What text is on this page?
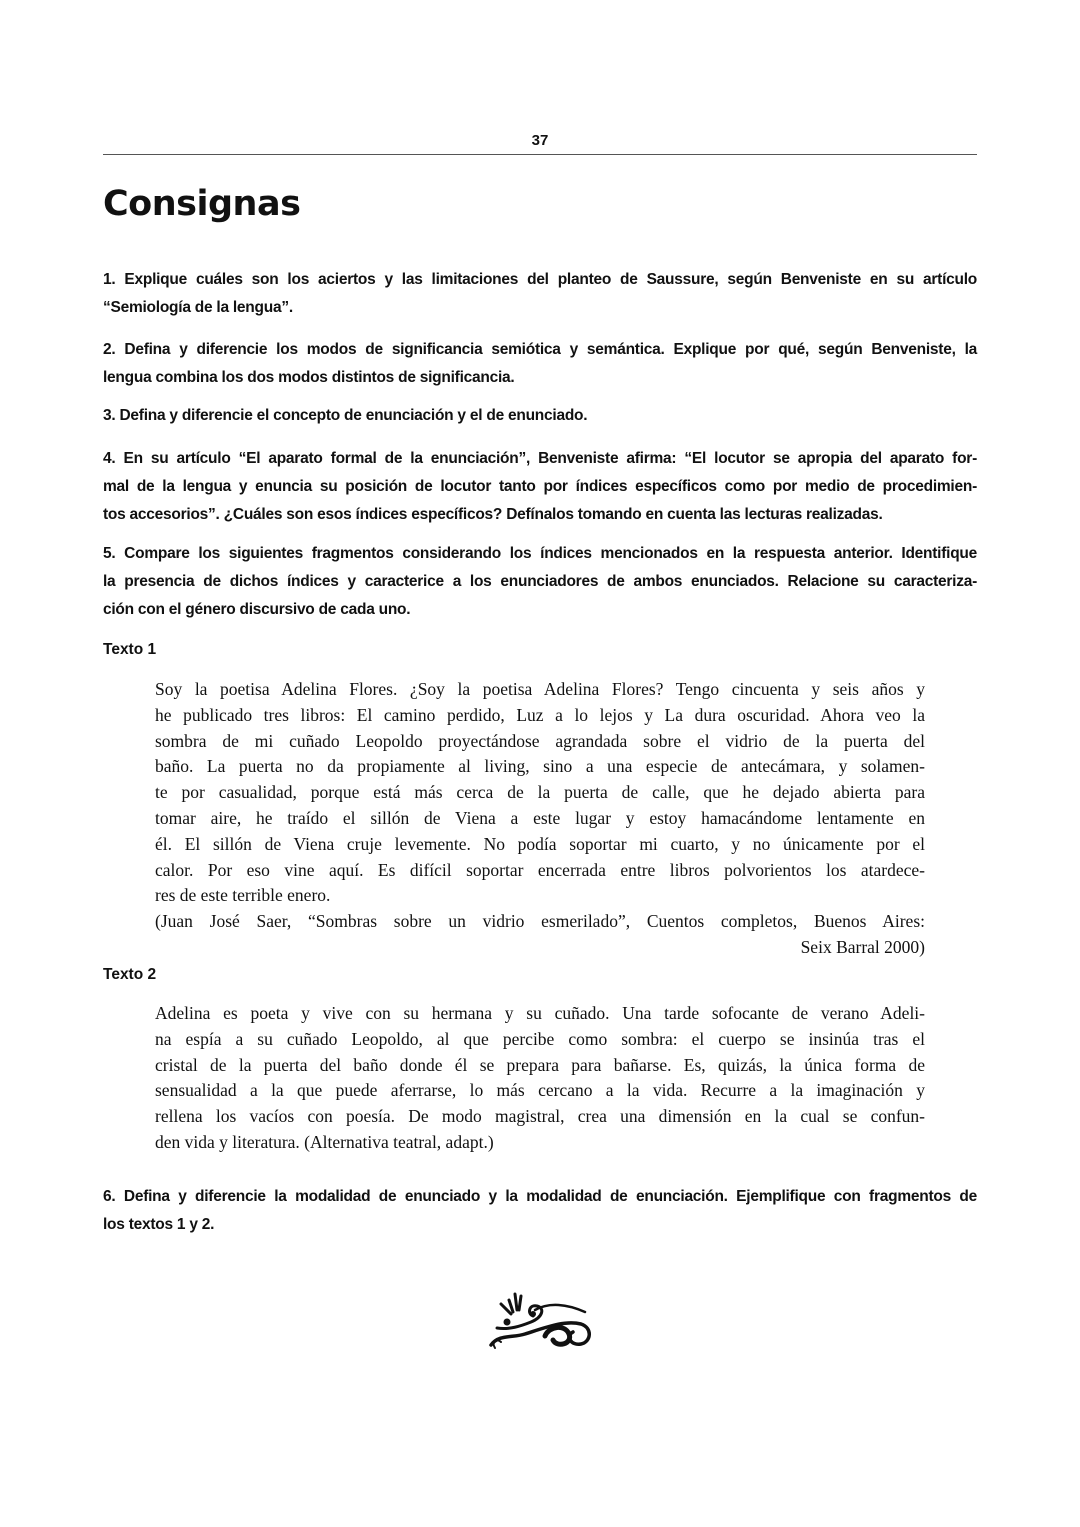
37
Consignas
1. Explique cuáles son los aciertos y las limitaciones del planteo de Saussure, según Benveniste en su artículo
“Semiología de la lengua”.
2. Defina y diferencie los modos de significancia semiótica y semántica. Explique por qué, según Benveniste, la
lengua combina los dos modos distintos de significancia.
3. Defina y diferencie el concepto de enunciación y el de enunciado.
4. En su artículo “El aparato formal de la enunciación”, Benveniste afirma: “El locutor se apropia del aparato for-
mal de la lengua y enuncia su posición de locutor tanto por índices específicos como por medio de procedimien-
tos accesorios”. ¿Cuáles son esos índices específicos? Defínalos tomando en cuenta las lecturas realizadas.
5. Compare los siguientes fragmentos considerando los índices mencionados en la respuesta anterior. Identifique
la presencia de dichos índices y caracterice a los enunciadores de ambos enunciados. Relacione su caracteriza-
ción con el género discursivo de cada uno.
Texto 1
Soy la poetisa Adelina Flores. ¿Soy la poetisa Adelina Flores? Tengo cincuenta y seis años y
he publicado tres libros: El camino perdido, Luz a lo lejos y La dura oscuridad. Ahora veo la
sombra de mi cuñado Leopoldo proyectándose agrandada sobre el vidrio de la puerta del
baño. La puerta no da propiamente al living, sino a una especie de antecámara, y solamen-
te por casualidad, porque está más cerca de la puerta de calle, que he dejado abierta para
tomar aire, he traído el sillón de Viena a este lugar y estoy hamacándome lentamente en
él. El sillón de Viena cruje levemente. No podía soportar mi cuarto, y no únicamente por el
calor. Por eso vine aquí. Es difícil soportar encerrada entre libros polvorientos los atardece-
res de este terrible enero.
(Juan José Saer, “Sombras sobre un vidrio esmerilado”, Cuentos completos, Buenos Aires:
Seix Barral 2000)
Texto 2
Adelina es poeta y vive con su hermana y su cuñado. Una tarde sofocante de verano Adeli-
na espía a su cuñado Leopoldo, al que percibe como sombra: el cuerpo se insinúa tras el
cristal de la puerta del baño donde él se prepara para bañarse. Es, quizás, la única forma de
sensualidad a la que puede aferrarse, lo más cercano a la vida. Recurre a la imaginación y
rellena los vacíos con poesía. De modo magistral, crea una dimensión en la cual se confun-
den vida y literatura. (Alternativa teatral, adapt.)
6. Defina y diferencie la modalidad de enunciado y la modalidad de enunciación. Ejemplifique con fragmentos de
los textos 1 y 2.
